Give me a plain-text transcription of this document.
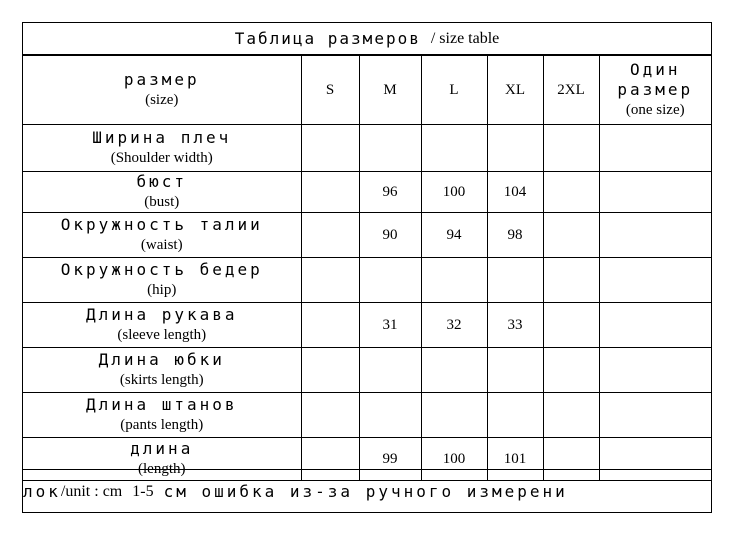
Таблица размеров / size table
размер
(size)	S	M	L	XL	2XL	Один размер
(one size)

Ширина плеч
(Shoulder width)						

бюст
(bust)		96	100	104		

Окружность талии
(waist)		90	94	98		

Окружность бедер
(hip)						

Длина рукава
(sleeve length)		31	32	33		

Длина юбки
(skirts length)						

Длина штанов
(pants length)						

длина
(length)		99	100	101		
лок /unit : cm 1-5 см ошибка из-за ручного измерени
